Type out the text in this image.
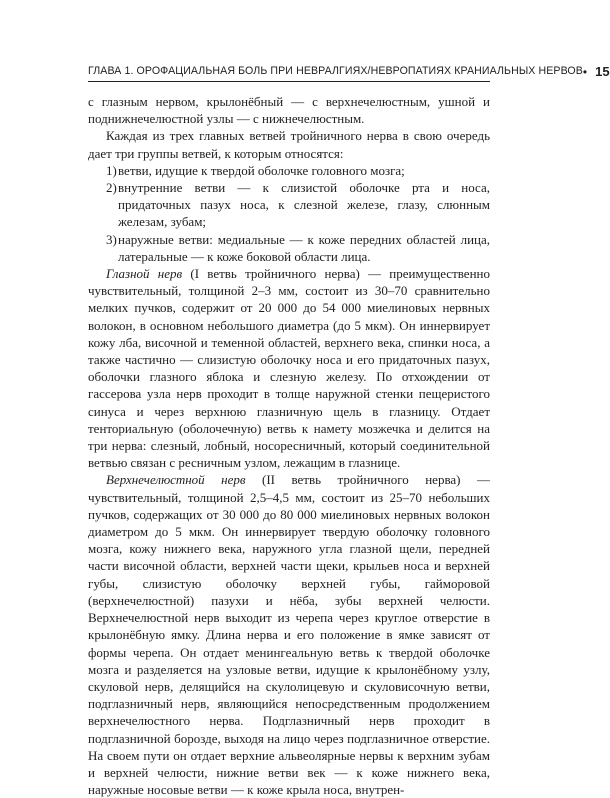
ГЛАВА 1. ОРОФАЦИАЛЬНАЯ БОЛЬ ПРИ НЕВРАЛГИЯХ/НЕВРОПАТИЯХ КРАНИАЛЬНЫХ НЕРВОВ • 15

с глазным нервом, крылонёбный — с верхнечелюстным, ушной и поднижнечелюстной узлы — с нижнечелюстным.

Каждая из трех главных ветвей тройничного нерва в свою очередь дает три группы ветвей, к которым относятся:

1) ветви, идущие к твердой оболочке головного мозга;
2) внутренние ветви — к слизистой оболочке рта и носа, придаточных пазух носа, к слезной железе, глазу, слюнным железам, зубам;
3) наружные ветви: медиальные — к коже передних областей лица, латеральные — к коже боковой области лица.

Глазной нерв (I ветвь тройничного нерва) — преимущественно чувствительный, толщиной 2–3 мм, состоит из 30–70 сравнительно мелких пучков, содержит от 20 000 до 54 000 миелиновых нервных волокон, в основном небольшого диаметра (до 5 мкм). Он иннервирует кожу лба, височной и теменной областей, верхнего века, спинки носа, а также частично — слизистую оболочку носа и его придаточных пазух, оболочки глазного яблока и слезную железу. По отхождении от гассерова узла нерв проходит в толще наружной стенки пещеристого синуса и через верхнюю глазничную щель в глазницу. Отдает тенториальную (оболочечную) ветвь к намету мозжечка и делится на три нерва: слезный, лобный, носоресничный, который соединительной ветвью связан с ресничным узлом, лежащим в глазнице.

Верхнечелюстной нерв (II ветвь тройничного нерва) — чувствительный, толщиной 2,5–4,5 мм, состоит из 25–70 небольших пучков, содержащих от 30 000 до 80 000 миелиновых нервных волокон диаметром до 5 мкм. Он иннервирует твердую оболочку головного мозга, кожу нижнего века, наружного угла глазной щели, передней части височной области, верхней части щеки, крыльев носа и верхней губы, слизистую оболочку верхней губы, гайморовой (верхнечелюстной) пазухи и нёба, зубы верхней челюсти. Верхнечелюстной нерв выходит из черепа через круглое отверстие в крылонёбную ямку. Длина нерва и его положение в ямке зависят от формы черепа. Он отдает менингеальную ветвь к твердой оболочке мозга и разделяется на узловые ветви, идущие к крылонёбному узлу, скуловой нерв, делящийся на скулолицевую и скуловисочную ветви, подглазничный нерв, являющийся непосредственным продолжением верхнечелюстного нерва. Подглазничный нерв проходит в подглазничной борозде, выходя на лицо через подглазничное отверстие. На своем пути он отдает верхние альвеолярные нервы к верхним зубам и верхней челюсти, нижние ветви век — к коже нижнего века, наружные носовые ветви — к коже крыла носа, внутрен-
